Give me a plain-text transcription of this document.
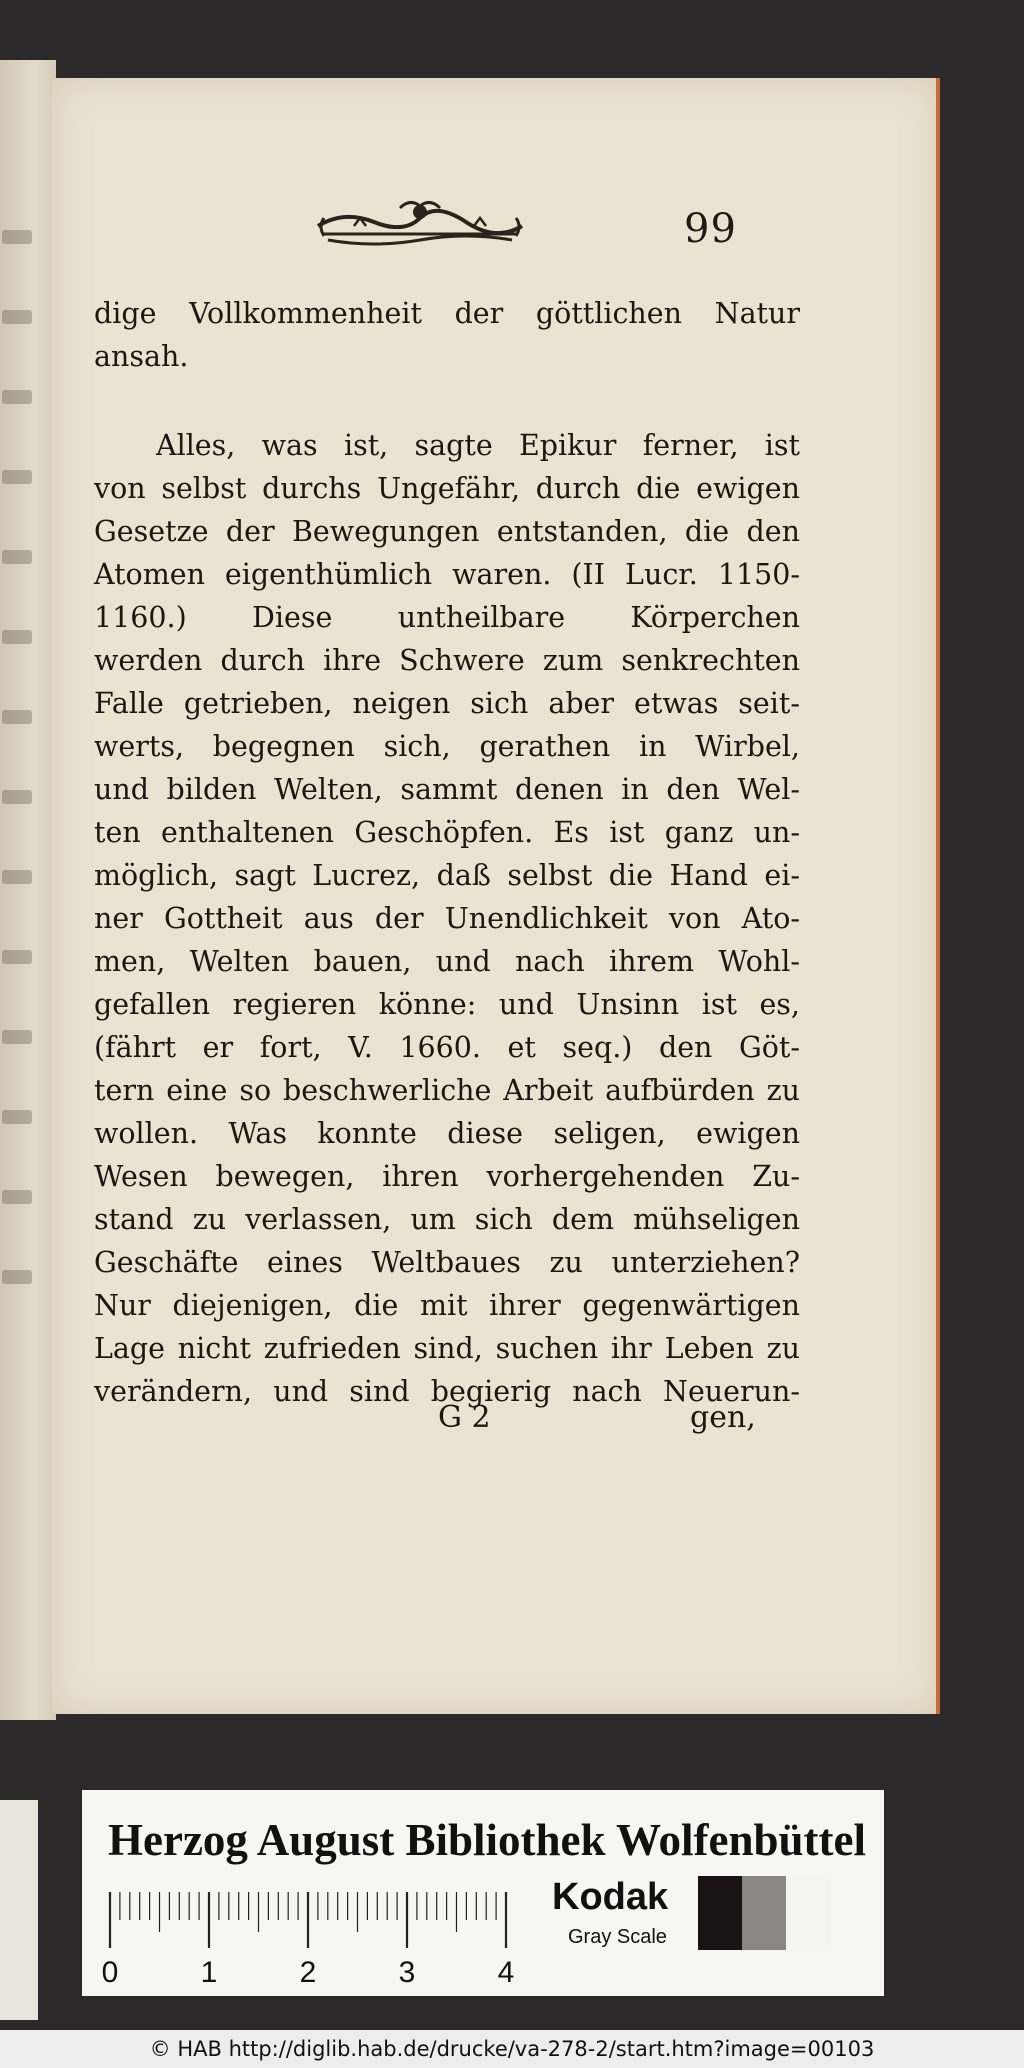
99
dige Vollkommenheit der göttlichen Natur
ansah.
Alles, was ist, sagte Epikur ferner, ist
von selbst durchs Ungefähr, durch die ewigen
Gesetze der Bewegungen entstanden, die den
Atomen eigenthümlich waren. (II Lucr. 1150-
1160.) Diese untheilbare Körperchen
werden durch ihre Schwere zum senkrechten
Falle getrieben, neigen sich aber etwas seit-
werts, begegnen sich, gerathen in Wirbel,
und bilden Welten, sammt denen in den Wel-
ten enthaltenen Geschöpfen. Es ist ganz un-
möglich, sagt Lucrez, daß selbst die Hand ei-
ner Gottheit aus der Unendlichkeit von Ato-
men, Welten bauen, und nach ihrem Wohl-
gefallen regieren könne: und Unsinn ist es,
(fährt er fort, V. 1660. et seq.) den Göt-
tern eine so beschwerliche Arbeit aufbürden zu
wollen. Was konnte diese seligen, ewigen
Wesen bewegen, ihren vorhergehenden Zu-
stand zu verlassen, um sich dem mühseligen
Geschäfte eines Weltbaues zu unterziehen?
Nur diejenigen, die mit ihrer gegenwärtigen
Lage nicht zufrieden sind, suchen ihr Leben zu
verändern, und sind begierig nach Neuerun-
G 2	gen,
Herzog August Bibliothek Wolfenbüttel
0	1	2	3	4
Kodak
Gray Scale
© HAB http://diglib.hab.de/drucke/va-278-2/start.htm?image=00103
